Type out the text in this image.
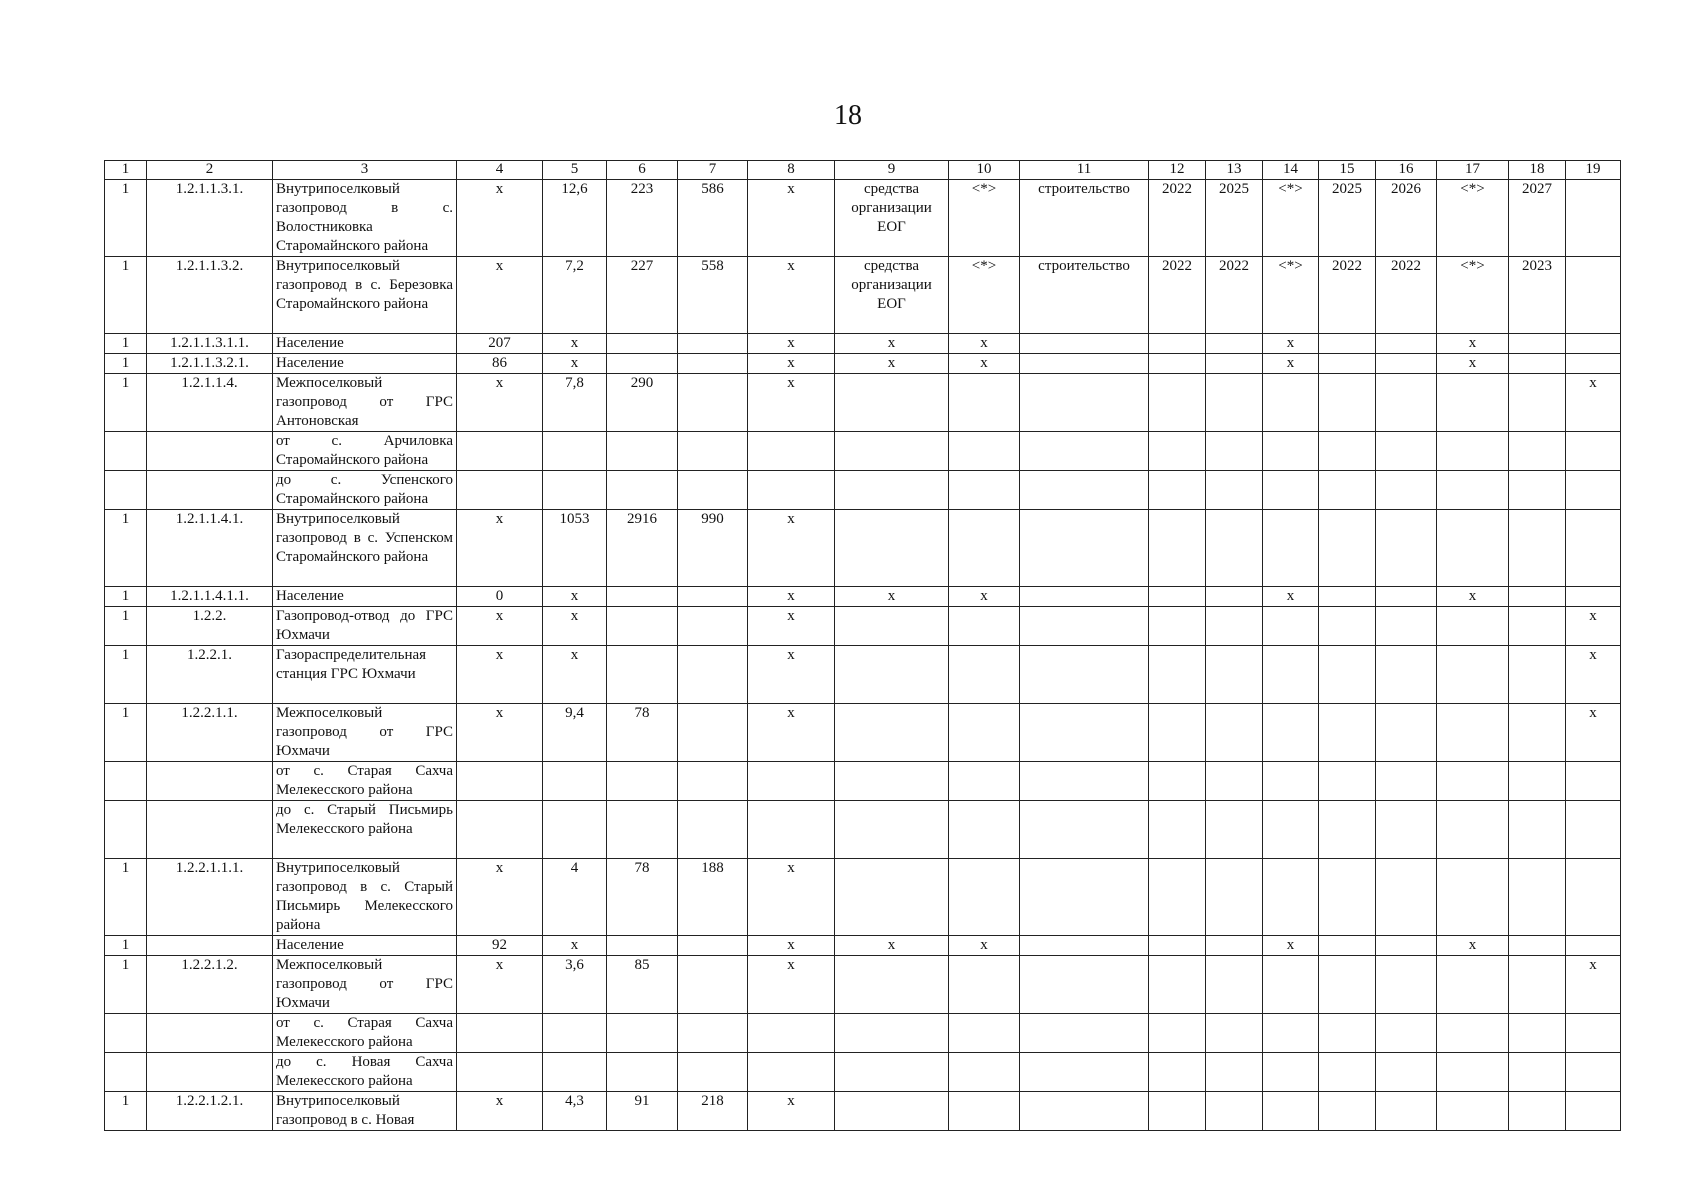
18
1	2	3	4	5	6	7	8	9	10	11	12	13	14	15	16	17	18	19
1	1.2.1.1.3.1.	Внутрипоселковый газопровод в с. Волостниковка Старомайнского района	х	12,6	223	586	х	средства организации ЕОГ	<*>	строительство	2022	2025	<*>	2025	2026	<*>	2027	
1	1.2.1.1.3.2.	Внутрипоселковый газопровод в с. Березовка Старомайнского района	х	7,2	227	558	х	средства организации ЕОГ	<*>	строительство	2022	2022	<*>	2022	2022	<*>	2023	
1	1.2.1.1.3.1.1.	Население	207	х			х	х	х				х			х		
1	1.2.1.1.3.2.1.	Население	86	х			х	х	х				х			х		
1	1.2.1.1.4.	Межпоселковый газопровод от ГРС Антоновская	х	7,8	290		х											х
		от с. Арчиловка Старомайнского района																
		до с. Успенского Старомайнского района																
1	1.2.1.1.4.1.	Внутрипоселковый газопровод в с. Успенском Старомайнского района	х	1053	2916	990	х											
1	1.2.1.1.4.1.1.	Население	0	х			х	х	х				х			х		
1	1.2.2.	Газопровод-отвод до ГРС Юхмачи	х	х			х											х
1	1.2.2.1.	Газораспределительная станция ГРС Юхмачи	х	х			х											х
1	1.2.2.1.1.	Межпоселковый газопровод от ГРС Юхмачи	х	9,4	78		х											х
		от с. Старая Сахча Мелекесского района																
		до с. Старый Письмирь Мелекесского района																
1	1.2.2.1.1.1.	Внутрипоселковый газопровод в с. Старый Письмирь Мелекесского района	х	4	78	188	х											
1		Население	92	х			х	х	х				х			х		
1	1.2.2.1.2.	Межпоселковый газопровод от ГРС Юхмачи	х	3,6	85		х											х
		от с. Старая Сахча Мелекесского района																
		до с. Новая Сахча Мелекесского района																
1	1.2.2.1.2.1.	Внутрипоселковый газопровод в с. Новая	х	4,3	91	218	х											
